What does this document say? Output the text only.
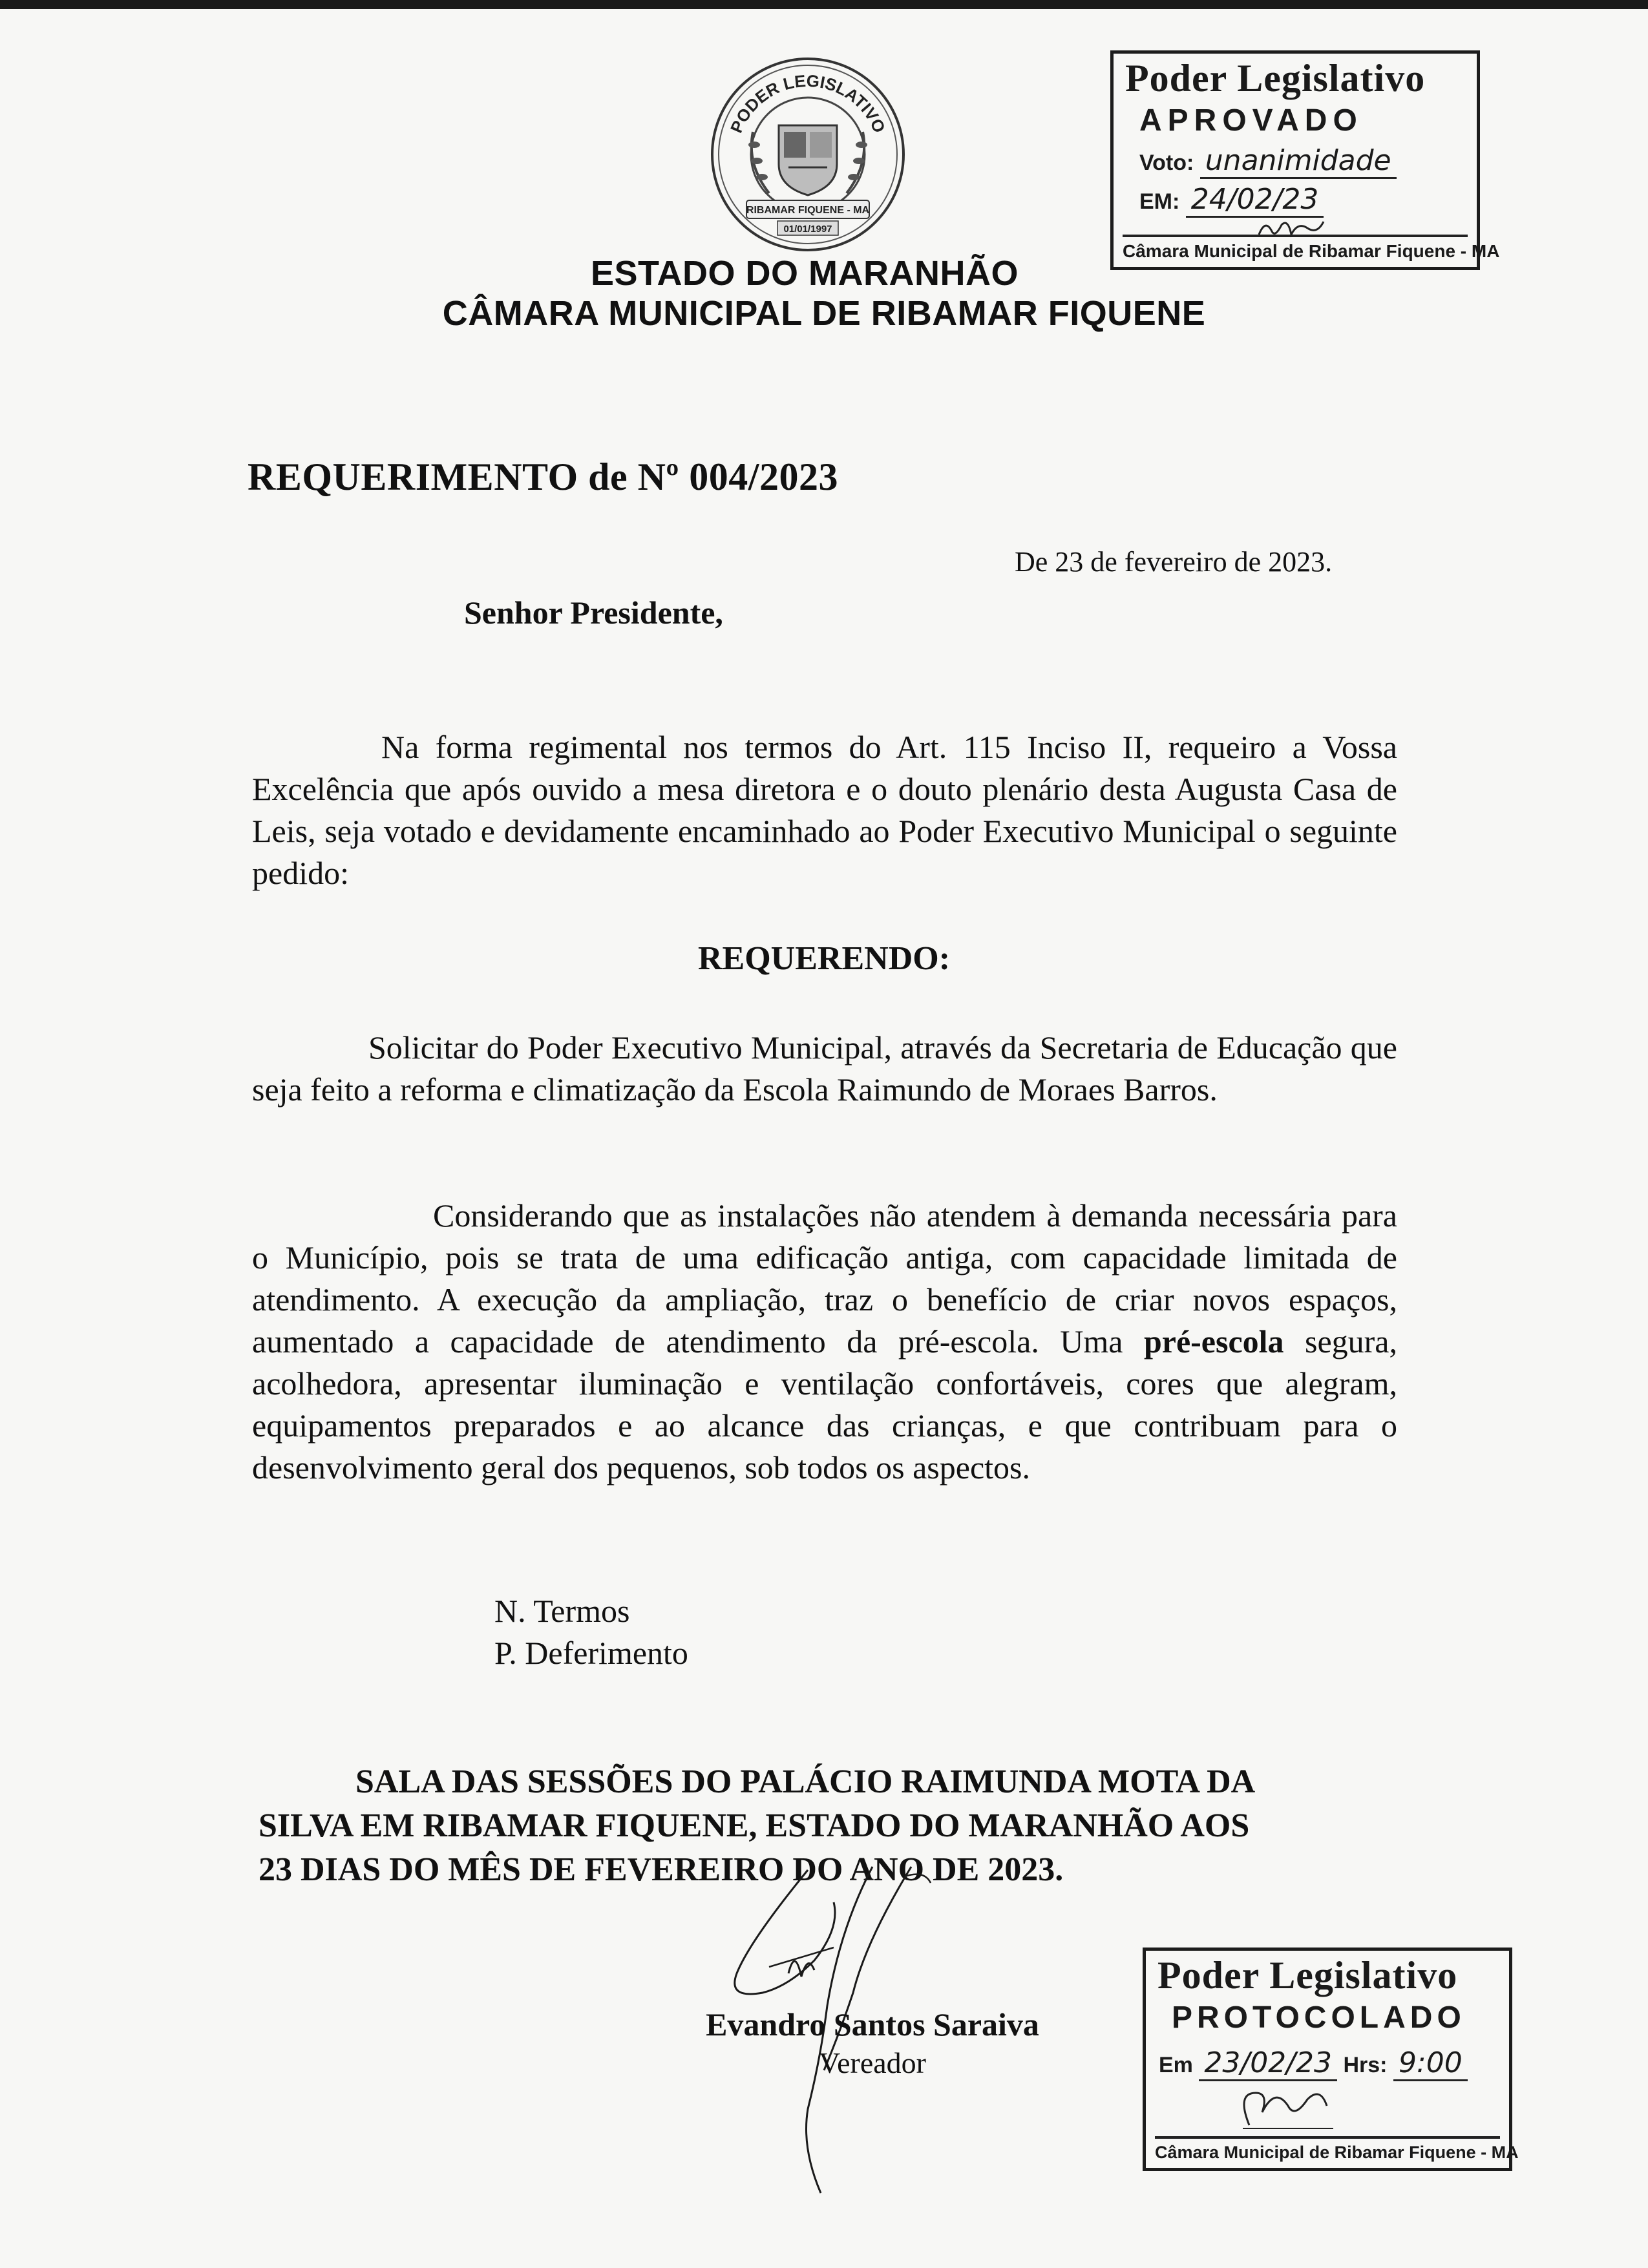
PODER LEGISLATIVO
RIBAMAR FIQUENE - MA
01/01/1997
ESTADO DO MARANHÃO
CÂMARA MUNICIPAL DE RIBAMAR FIQUENE
Poder Legislativo
APROVADO
Voto: unanimidade
EM: 24/02/23
Câmara Municipal de Ribamar Fiquene - MA
REQUERIMENTO de Nº 004/2023
De 23 de fevereiro de 2023.
Senhor Presidente,
Na forma regimental nos termos do Art. 115 Inciso II, requeiro a Vossa Excelência que após ouvido a mesa diretora e o douto plenário desta Augusta Casa de Leis, seja votado e devidamente encaminhado ao Poder Executivo Municipal o seguinte pedido:
REQUERENDO:
Solicitar do Poder Executivo Municipal, através da Secretaria de Educação que seja feito a reforma e climatização da Escola Raimundo de Moraes Barros.
Considerando que as instalações não atendem à demanda necessária para o Município, pois se trata de uma edificação antiga, com capacidade limitada de atendimento. A execução da ampliação, traz o benefício de criar novos espaços, aumentado a capacidade de atendimento da pré-escola. Uma pré-escola segura, acolhedora, apresentar iluminação e ventilação confortáveis, cores que alegram, equipamentos preparados e ao alcance das crianças, e que contribuam para o desenvolvimento geral dos pequenos, sob todos os aspectos.
N. Termos
P. Deferimento
SALA DAS SESSÕES DO PALÁCIO RAIMUNDA MOTA DA
SILVA EM RIBAMAR FIQUENE, ESTADO DO MARANHÃO AOS
23 DIAS DO MÊS DE FEVEREIRO DO ANO DE 2023.
Evandro Santos Saraiva
Vereador
Poder Legislativo
PROTOCOLADO
Em 23/02/23 Hrs: 9:00
Câmara Municipal de Ribamar Fiquene - MA
